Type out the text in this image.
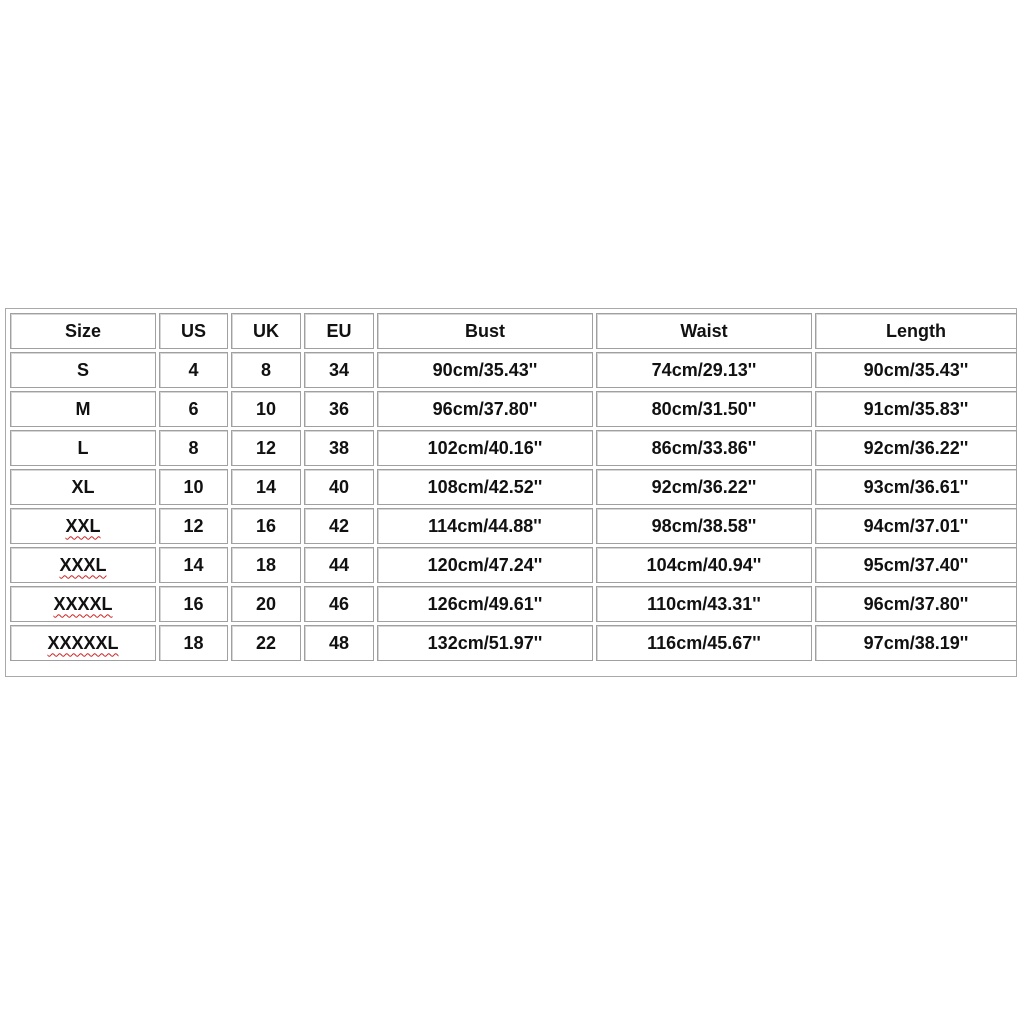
Size	US	UK	EU	Bust	Waist	Length
S	4	8	34	90cm/35.43''	74cm/29.13''	90cm/35.43''
M	6	10	36	96cm/37.80''	80cm/31.50''	91cm/35.83''
L	8	12	38	102cm/40.16''	86cm/33.86''	92cm/36.22''
XL	10	14	40	108cm/42.52''	92cm/36.22''	93cm/36.61''
XXL	12	16	42	114cm/44.88''	98cm/38.58''	94cm/37.01''
XXXL	14	18	44	120cm/47.24''	104cm/40.94''	95cm/37.40''
XXXXL	16	20	46	126cm/49.61''	110cm/43.31''	96cm/37.80''
XXXXXL	18	22	48	132cm/51.97''	116cm/45.67''	97cm/38.19''
